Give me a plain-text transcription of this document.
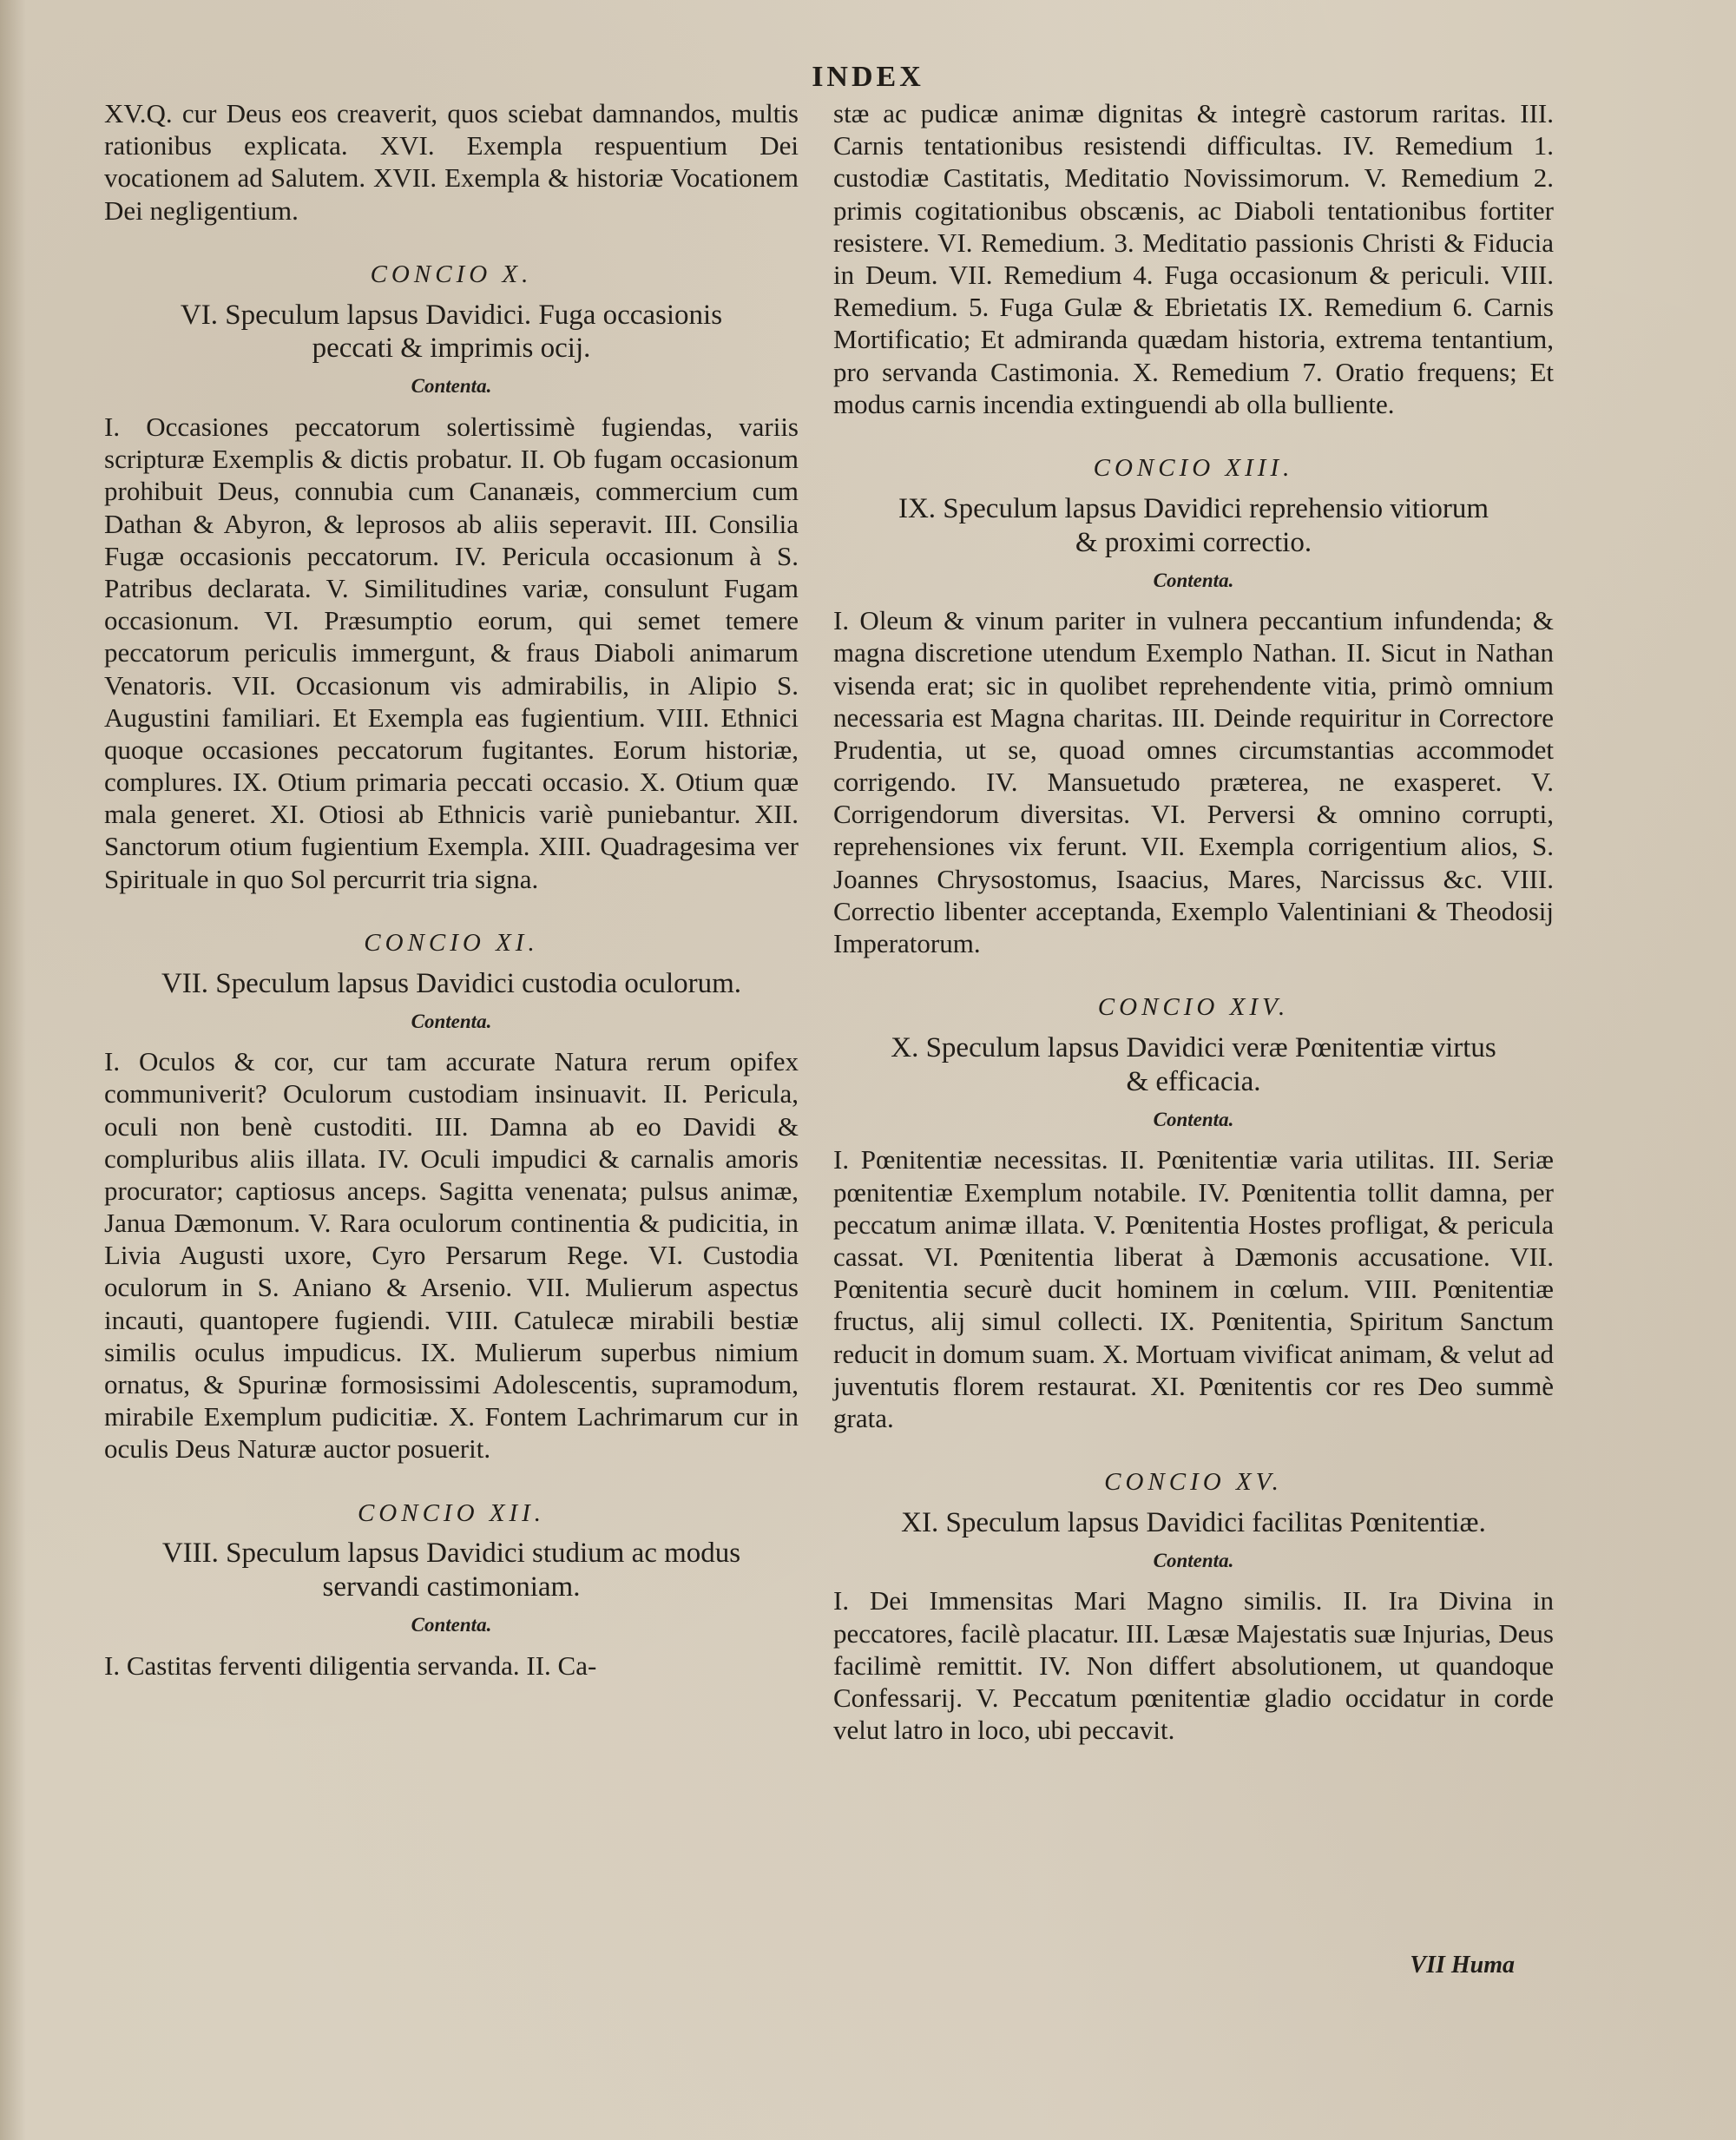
INDEX

XV.Q. cur Deus eos creaverit, quos sciebat damnandos, multis rationibus explicata. XVI. Exempla respuentium Dei vocationem ad Salutem. XVII. Exempla & historiæ Vocationem Dei negligentium.

CONCIO X.
VI. Speculum lapsus Davidici. Fuga occasionis peccati & imprimis ocij.
Contenta.

I. Occasiones peccatorum solertissimè fugiendas, variis scripturæ Exemplis & dictis probatur. II. Ob fugam occasionum prohibuit Deus, connubia cum Cananæis, commercium cum Dathan & Abyron, & leprosos ab aliis seperavit. III. Consilia Fugæ occasionis peccatorum. IV. Pericula occasionum à S. Patribus declarata. V. Similitudines variæ, consulunt Fugam occasionum. VI. Præsumptio eorum, qui semet temere peccatorum periculis immergunt, & fraus Diaboli animarum Venatoris. VII. Occasionum vis admirabilis, in Alipio S. Augustini familiari. Et Exempla eas fugientium. VIII. Ethnici quoque occasiones peccatorum fugitantes. Eorum historiæ, complures. IX. Otium primaria peccati occasio. X. Otium quæ mala generet. XI. Otiosi ab Ethnicis variè puniebantur. XII. Sanctorum otium fugientium Exempla. XIII. Quadragesima ver Spirituale in quo Sol percurrit tria signa.

CONCIO XI.
VII. Speculum lapsus Davidici custodia oculorum.
Contenta.

I. Oculos & cor, cur tam accurate Natura rerum opifex communiverit? Oculorum custodiam insinuavit. II. Pericula, oculi non benè custoditi. III. Damna ab eo Davidi & compluribus aliis illata. IV. Oculi impudici & carnalis amoris procurator; captiosus anceps. Sagitta venenata; pulsus animæ, Janua Dæmonum. V. Rara oculorum continentia & pudicitia, in Livia Augusti uxore, Cyro Persarum Rege. VI. Custodia oculorum in S. Aniano & Arsenio. VII. Mulierum aspectus incauti, quantopere fugiendi. VIII. Catulecæ mirabili bestiæ similis oculus impudicus. IX. Mulierum superbus nimium ornatus, & Spurinæ formosissimi Adolescentis, supramodum, mirabile Exemplum pudicitiæ. X. Fontem Lachrimarum cur in oculis Deus Naturæ auctor posuerit.

CONCIO XII.
VIII. Speculum lapsus Davidici studium ac modus servandi castimoniam.
Contenta.

I. Castitas ferventi diligentia servanda. II. Ca-

stæ ac pudicæ animæ dignitas & integrè castorum raritas. III. Carnis tentationibus resistendi difficultas. IV. Remedium 1. custodiæ Castitatis, Meditatio Novissimorum. V. Remedium 2. primis cogitationibus obscænis, ac Diaboli tentationibus fortiter resistere. VI. Remedium. 3. Meditatio passionis Christi & Fiducia in Deum. VII. Remedium 4. Fuga occasionum & periculi. VIII. Remedium. 5. Fuga Gulæ & Ebrietatis IX. Remedium 6. Carnis Mortificatio; Et admiranda quædam historia, extrema tentantium, pro servanda Castimonia. X. Remedium 7. Oratio frequens; Et modus carnis incendia extinguendi ab olla bulliente.

CONCIO XIII.
IX. Speculum lapsus Davidici reprehensio vitiorum & proximi correctio.
Contenta.

I. Oleum & vinum pariter in vulnera peccantium infundenda; & magna discretione utendum Exemplo Nathan. II. Sicut in Nathan visenda erat; sic in quolibet reprehendente vitia, primò omnium necessaria est Magna charitas. III. Deinde requiritur in Correctore Prudentia, ut se, quoad omnes circumstantias accommodet corrigendo. IV. Mansuetudo præterea, ne exasperet. V. Corrigendorum diversitas. VI. Perversi & omnino corrupti, reprehensiones vix ferunt. VII. Exempla corrigentium alios, S. Joannes Chrysostomus, Isaacius, Mares, Narcissus &c. VIII. Correctio libenter acceptanda, Exemplo Valentiniani & Theodosij Imperatorum.

CONCIO XIV.
X. Speculum lapsus Davidici veræ Pœnitentiæ virtus & efficacia.
Contenta.

I. Pœnitentiæ necessitas. II. Pœnitentiæ varia utilitas. III. Seriæ pœnitentiæ Exemplum notabile. IV. Pœnitentia tollit damna, per peccatum animæ illata. V. Pœnitentia Hostes profligat, & pericula cassat. VI. Pœnitentia liberat à Dæmonis accusatione. VII. Pœnitentia securè ducit hominem in cœlum. VIII. Pœnitentiæ fructus, alij simul collecti. IX. Pœnitentia, Spiritum Sanctum reducit in domum suam. X. Mortuam vivificat animam, & velut ad juventutis florem restaurat. XI. Pœnitentis cor res Deo summè grata.

CONCIO XV.
XI. Speculum lapsus Davidici facilitas Pœnitentiæ.
Contenta.

I. Dei Immensitas Mari Magno similis. II. Ira Divina in peccatores, facilè placatur. III. Læsæ Majestatis suæ Injurias, Deus facilimè remittit. IV. Non differt absolutionem, ut quandoque Confessarij. V. Peccatum pœnitentiæ gladio occidatur in corde velut latro in loco, ubi peccavit.

VII Huma
